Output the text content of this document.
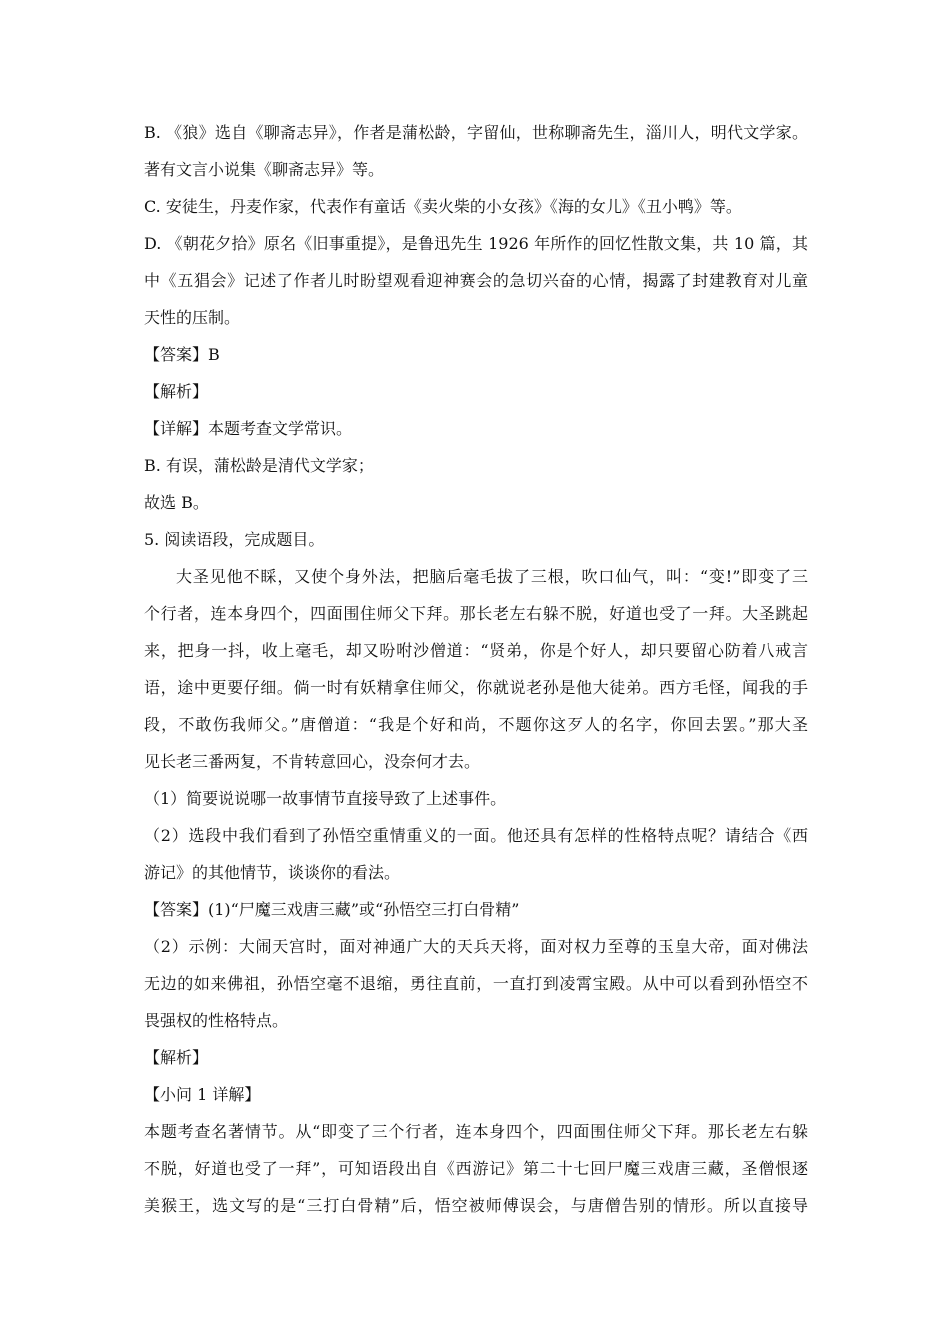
B. 《狼》选自《聊斋志异》，作者是蒲松龄，字留仙，世称聊斋先生，淄川人，明代文学家。
著有文言小说集《聊斋志异》等。
C. 安徒生，丹麦作家，代表作有童话《卖火柴的小女孩》《海的女儿》《丑小鸭》等。
D. 《朝花夕拾》原名《旧事重提》，是鲁迅先生 1926 年所作的回忆性散文集，共 10 篇，其
中《五猖会》记述了作者儿时盼望观看迎神赛会的急切兴奋的心情，揭露了封建教育对儿童
天性的压制。
【答案】B
【解析】
【详解】本题考查文学常识。
B. 有误，蒲松龄是清代文学家；
故选 B。
5. 阅读语段，完成题目。
大圣见他不睬，又使个身外法，把脑后毫毛拔了三根，吹口仙气，叫：“变!”即变了三
个行者，连本身四个，四面围住师父下拜。那长老左右躲不脱，好道也受了一拜。大圣跳起
来，把身一抖，收上毫毛，却又吩咐沙僧道：“贤弟，你是个好人，却只要留心防着八戒言
语，途中更要仔细。倘一时有妖精拿住师父，你就说老孙是他大徒弟。西方毛怪，闻我的手
段，不敢伤我师父。”唐僧道：“我是个好和尚，不题你这歹人的名字，你回去罢。”那大圣
见长老三番两复，不肯转意回心，没奈何才去。
（1）简要说说哪一故事情节直接导致了上述事件。
（2）选段中我们看到了孙悟空重情重义的一面。他还具有怎样的性格特点呢？请结合《西
游记》的其他情节，谈谈你的看法。
【答案】(1)“尸魔三戏唐三藏”或“孙悟空三打白骨精”
（2）示例：大闹天宫时，面对神通广大的天兵天将，面对权力至尊的玉皇大帝，面对佛法
无边的如来佛祖，孙悟空毫不退缩，勇往直前，一直打到凌霄宝殿。从中可以看到孙悟空不
畏强权的性格特点。
【解析】
【小问 1 详解】
本题考查名著情节。从“即变了三个行者，连本身四个，四面围住师父下拜。那长老左右躲
不脱，好道也受了一拜”，可知语段出自《西游记》第二十七回尸魔三戏唐三藏，圣僧恨逐
美猴王，选文写的是“三打白骨精”后，悟空被师傅误会，与唐僧告别的情形。所以直接导
